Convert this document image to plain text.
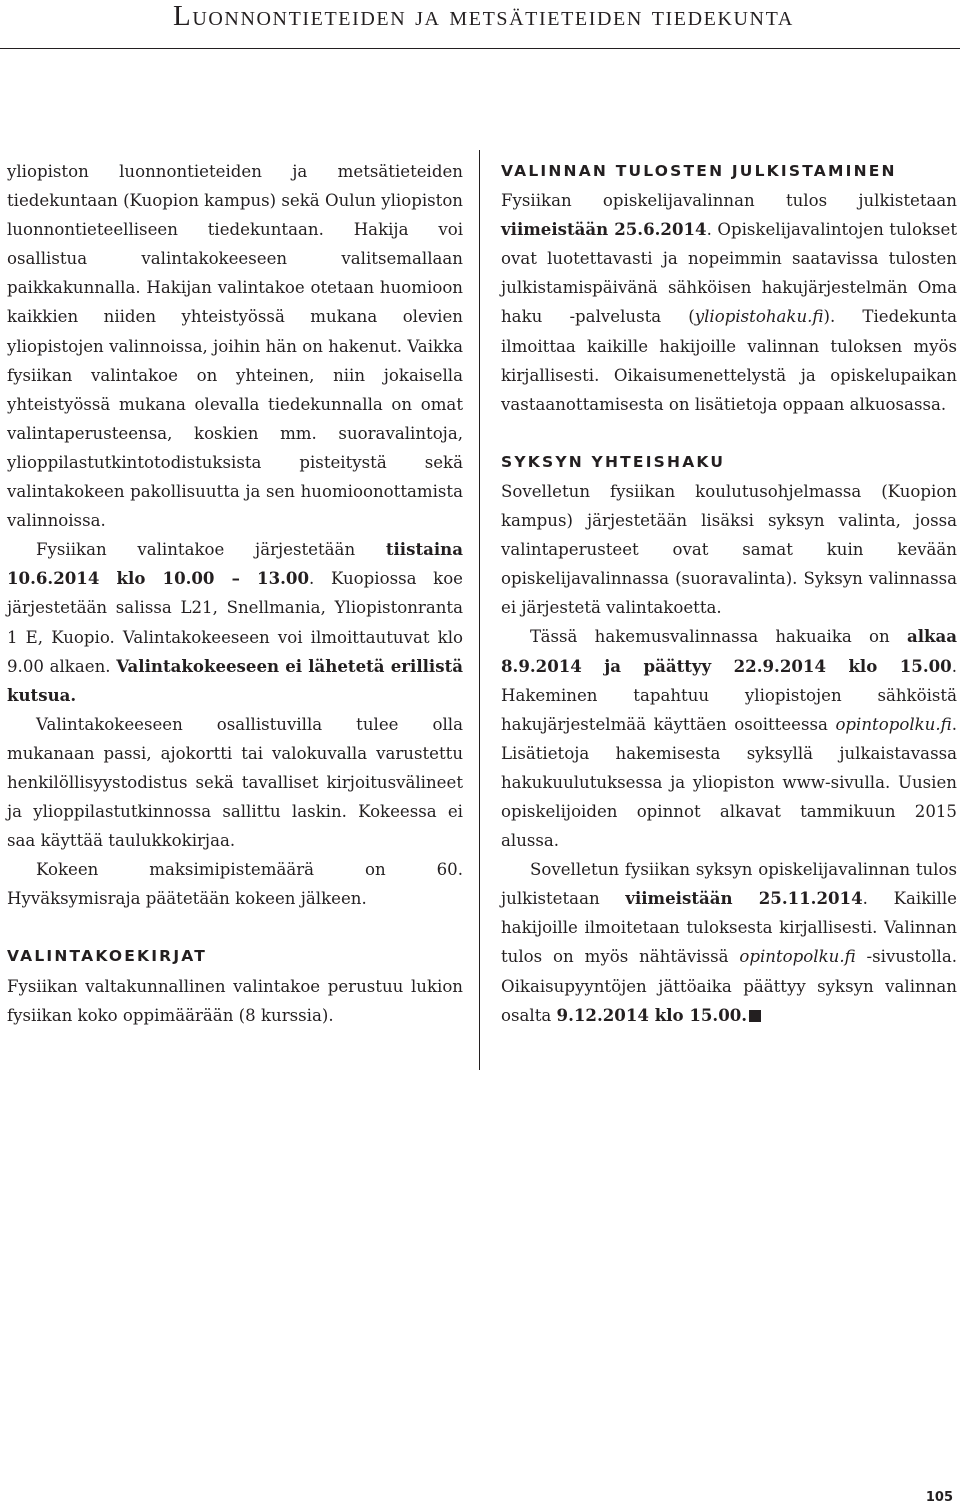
Luonnontieteiden ja metsätieteiden tiedekunta

yliopiston luonnontieteiden ja metsätieteiden tiedekuntaan (Kuopion kampus) sekä Oulun yliopiston luonnontieteelliseen tiedekuntaan. Hakija voi osallistua valintakokeeseen valitsemallaan paikkakunnalla. Hakijan valintakoe otetaan huomioon kaikkien niiden yhteistyössä mukana olevien yliopistojen valinnoissa, joihin hän on hakenut. Vaikka fysiikan valintakoe on yhteinen, niin jokaisella yhteistyössä mukana olevalla tiedekunnalla on omat valintaperusteensa, koskien mm. suoravalintoja, ylioppilastutkintotodistuksista pisteitystä sekä valintakokeen pakollisuutta ja sen huomioonottamista valinnoissa.

Fysiikan valintakoe järjestetään tiistaina 10.6.2014 klo 10.00 – 13.00. Kuopiossa koe järjestetään salissa L21, Snellmania, Yliopistonranta 1 E, Kuopio. Valintakokeeseen voi ilmoittautuvat klo 9.00 alkaen. Valintakokeeseen ei lähetetä erillistä kutsua.

Valintakokeeseen osallistuvilla tulee olla mukanaan passi, ajokortti tai valokuvalla varustettu henkilöllisyystodistus sekä tavalliset kirjoitusvälineet ja ylioppilastutkinnossa sallittu laskin. Kokeessa ei saa käyttää taulukkokirjaa.

Kokeen maksimipistemäärä on 60. Hyväksymisraja päätetään kokeen jälkeen.

VALINTAKOEKIRJAT

Fysiikan valtakunnallinen valintakoe perustuu lukion fysiikan koko oppimäärään (8 kurssia).

VALINNAN TULOSTEN JULKISTAMINEN

Fysiikan opiskelijavalinnan tulos julkistetaan viimeistään 25.6.2014. Opiskelijavalintojen tulokset ovat luotettavasti ja nopeimmin saatavissa tulosten julkistamispäivänä sähköisen hakujärjestelmän Oma haku -palvelusta (yliopistohaku.fi). Tiedekunta ilmoittaa kaikille hakijoille valinnan tuloksen myös kirjallisesti. Oikaisumenettelystä ja opiskelupaikan vastaanottamisesta on lisätietoja oppaan alkuosassa.

SYKSYN YHTEISHAKU

Sovelletun fysiikan koulutusohjelmassa (Kuopion kampus) järjestetään lisäksi syksyn valinta, jossa valintaperusteet ovat samat kuin kevään opiskelijavalinnassa (suoravalinta). Syksyn valinnassa ei järjestetä valintakoetta.

Tässä hakemusvalinnassa hakuaika on alkaa 8.9.2014 ja päättyy 22.9.2014 klo 15.00. Hakeminen tapahtuu yliopistojen sähköistä hakujärjestelmää käyttäen osoitteessa opintopolku.fi. Lisätietoja hakemisesta syksyllä julkaistavassa hakukuulutuksessa ja yliopiston www-sivulla. Uusien opiskelijoiden opinnot alkavat tammikuun 2015 alussa.

Sovelletun fysiikan syksyn opiskelijavalinnan tulos julkistetaan viimeistään 25.11.2014. Kaikille hakijoille ilmoitetaan tuloksesta kirjallisesti. Valinnan tulos on myös nähtävissä opintopolku.fi -sivustolla. Oikaisupyyntöjen jättöaika päättyy syksyn valinnan osalta 9.12.2014 klo 15.00.

105
